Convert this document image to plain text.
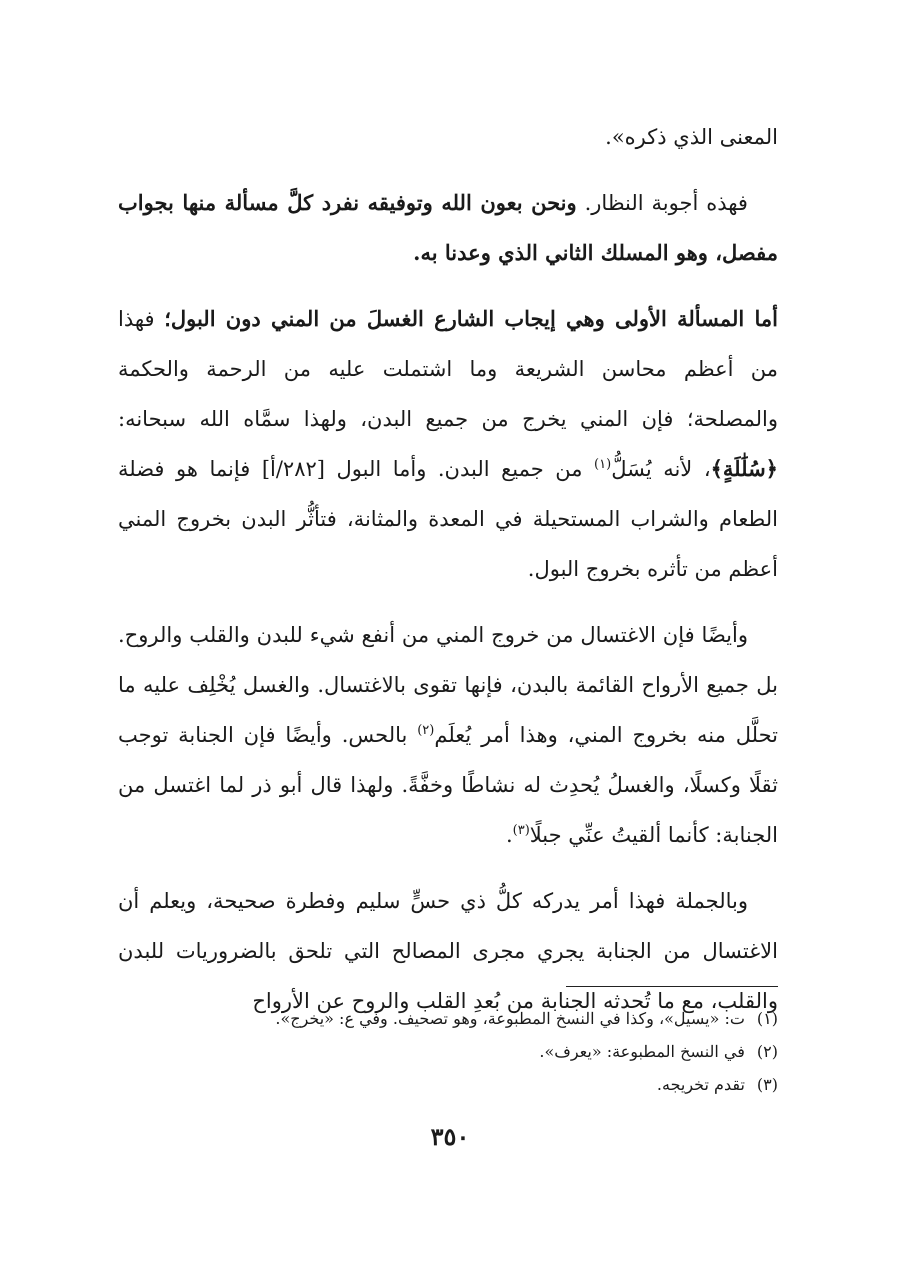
المعنى الذي ذكره».

فهذه أجوبة النظار. ونحن بعون الله وتوفيقه نفرد كلَّ مسألة منها بجواب مفصل، وهو المسلك الثاني الذي وعدنا به.

أما المسألة الأولى وهي إيجاب الشارع الغسلَ من المني دون البول؛ فهذا من أعظم محاسن الشريعة وما اشتملت عليه من الرحمة والحكمة والمصلحة؛ فإن المني يخرج من جميع البدن، ولهذا سمَّاه الله سبحانه: ﴿سُلَٰلَةٍ﴾، لأنه يُسَلُّ$^{(١)}$ من جميع البدن. وأما البول [٢٨٢/أ] فإنما هو فضلة الطعام والشراب المستحيلة في المعدة والمثانة، فتأثُّر البدن بخروج المني أعظم من تأثره بخروج البول.

وأيضًا فإن الاغتسال من خروج المني من أنفع شيء للبدن والقلب والروح. بل جميع الأرواح القائمة بالبدن، فإنها تقوى بالاغتسال. والغسل يُخْلِف عليه ما تحلَّل منه بخروج المني، وهذا أمر يُعلَم$^{(٢)}$ بالحس. وأيضًا فإن الجنابة توجب ثقلًا وكسلًا، والغسلُ يُحدِث له نشاطًا وخفَّةً. ولهذا قال أبو ذر لما اغتسل من الجنابة: كأنما ألقيتُ عنِّي جبلًا$^{(٣)}$.

وبالجملة فهذا أمر يدركه كلُّ ذي حسٍّ سليم وفطرة صحيحة، ويعلم أن الاغتسال من الجنابة يجري مجرى المصالح التي تلحق بالضروريات للبدن والقلب، مع ما تُحدثه الجنابة من بُعدِ القلب والروح عن الأرواح

(١)ت: «يسيل»، وكذا في النسخ المطبوعة، وهو تصحيف. وفي ع: «يخرج».

(٢)في النسخ المطبوعة: «يعرف».

(٣)تقدم تخريجه.

٣٥٠
